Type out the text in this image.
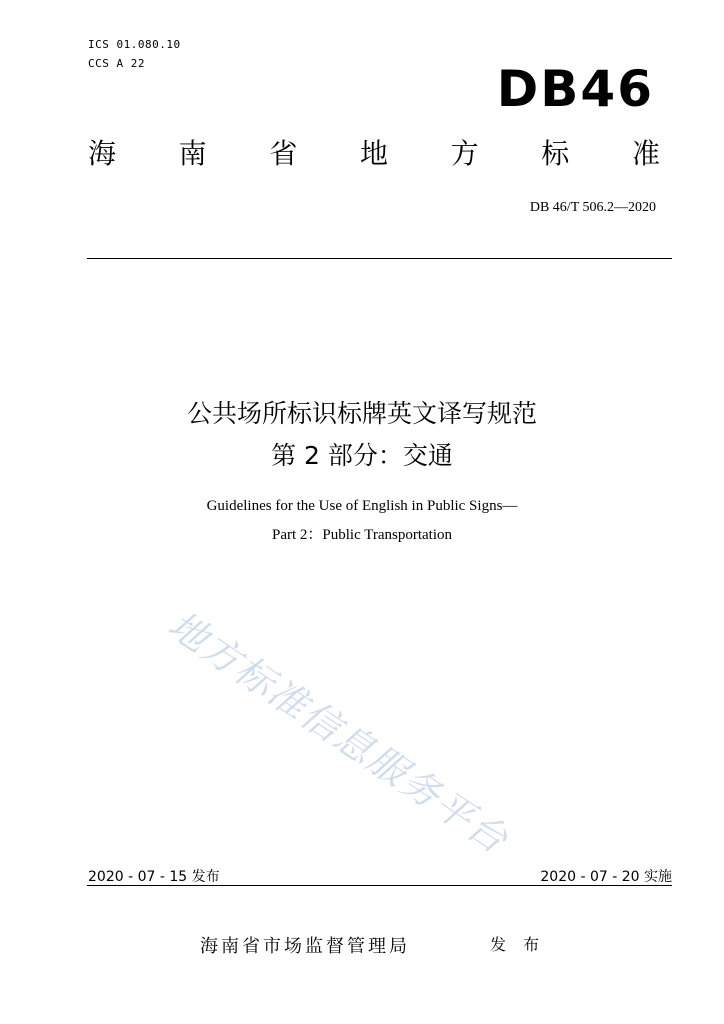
ICS 01.080.10
CCS A 22	DB46
海 南 省 地 方 标 准
DB 46/T 506.2—2020
公共场所标识标牌英文译写规范
第 2 部分：交通
Guidelines for the Use of English in Public Signs—
Part 2：Public Transportation
地方标准信息服务平台
2020 - 07 - 15 发布	2020 - 07 - 20 实施
海南省市场监督管理局	发 布
